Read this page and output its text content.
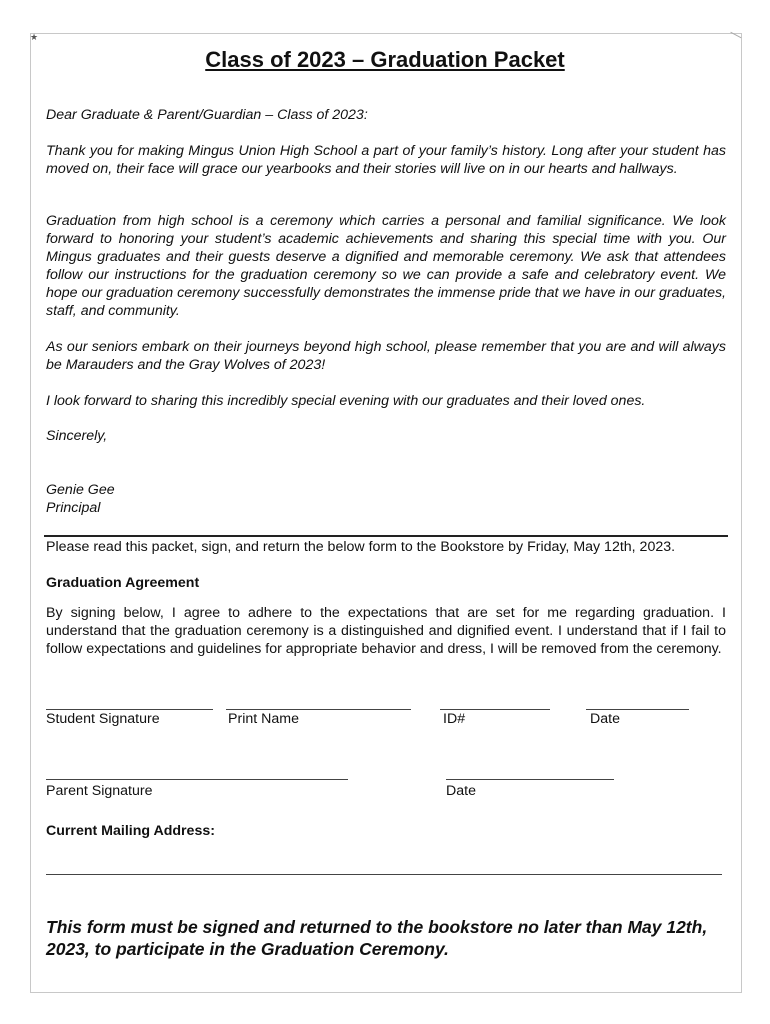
★
Class of 2023 – Graduation Packet

Dear Graduate & Parent/Guardian – Class of 2023:

Thank you for making Mingus Union High School a part of your family’s history. Long after your student has moved on, their face will grace our yearbooks and their stories will live on in our hearts and hallways.

Graduation from high school is a ceremony which carries a personal and familial significance. We look forward to honoring your student’s academic achievements and sharing this special time with you. Our Mingus graduates and their guests deserve a dignified and memorable ceremony. We ask that attendees follow our instructions for the graduation ceremony so we can provide a safe and celebratory event. We hope our graduation ceremony successfully demonstrates the immense pride that we have in our graduates, staff, and community.

As our seniors embark on their journeys beyond high school, please remember that you are and will always be Marauders and the Gray Wolves of 2023!

I look forward to sharing this incredibly special evening with our graduates and their loved ones.

Sincerely,

Genie Gee

Principal

Please read this packet, sign, and return the below form to the Bookstore by Friday, May 12th, 2023.

Graduation Agreement

By signing below, I agree to adhere to the expectations that are set for me regarding graduation. I understand that the graduation ceremony is a distinguished and dignified event. I understand that if I fail to follow expectations and guidelines for appropriate behavior and dress, I will be removed from the ceremony.

Student Signature	Print Name	ID#	Date
Parent Signature	Date
Current Mailing Address:
This form must be signed and returned to the bookstore no later than May 12th, 2023, to participate in the Graduation Ceremony.
